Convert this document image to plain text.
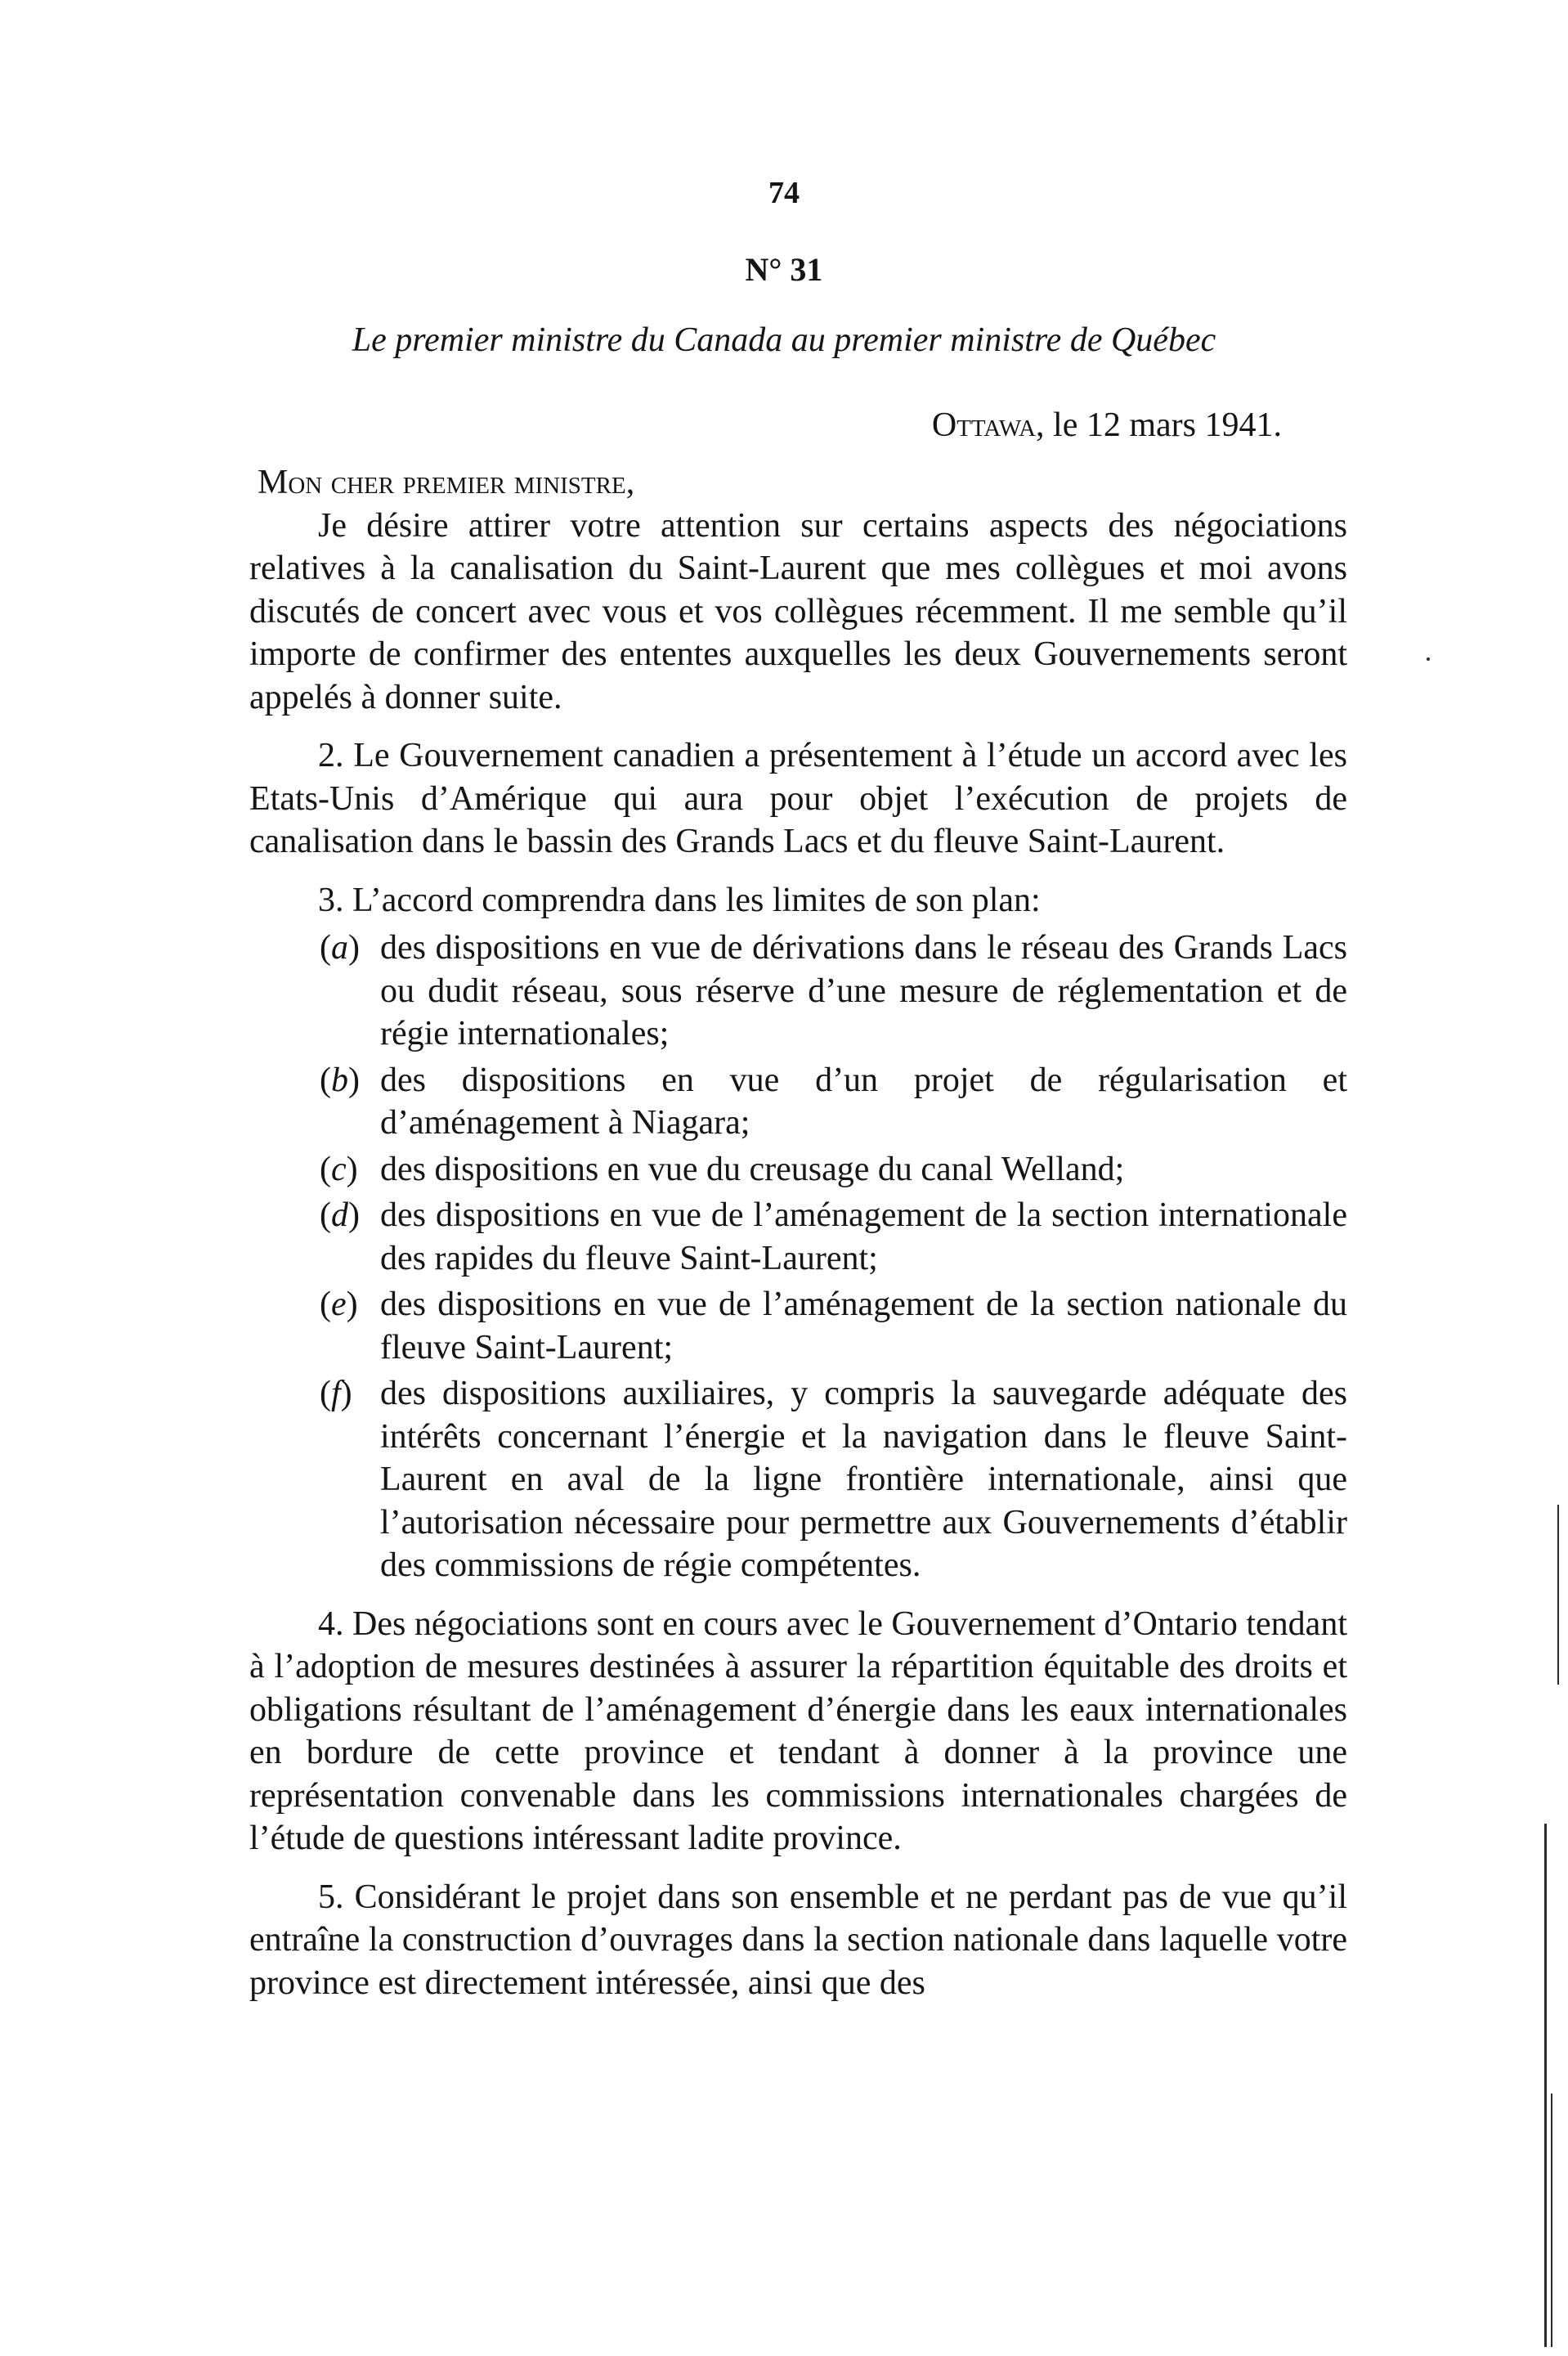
74

N° 31

Le premier ministre du Canada au premier ministre de Québec

Ottawa, le 12 mars 1941.

Mon cher premier ministre,

Je désire attirer votre attention sur certains aspects des négociations relatives à la canalisation du Saint-Laurent que mes collègues et moi avons discutés de concert avec vous et vos collègues récemment. Il me semble qu’il importe de confirmer des ententes auxquelles les deux Gouvernements seront appelés à donner suite.

2. Le Gouvernement canadien a présentement à l’étude un accord avec les Etats-Unis d’Amérique qui aura pour objet l’exécution de projets de canalisation dans le bassin des Grands Lacs et du fleuve Saint-Laurent.

3. L’accord comprendra dans les limites de son plan:

(a) des dispositions en vue de dérivations dans le réseau des Grands Lacs ou dudit réseau, sous réserve d’une mesure de réglementation et de régie internationales;
(b) des dispositions en vue d’un projet de régularisation et d’aménagement à Niagara;
(c) des dispositions en vue du creusage du canal Welland;
(d) des dispositions en vue de l’aménagement de la section internationale des rapides du fleuve Saint-Laurent;
(e) des dispositions en vue de l’aménagement de la section nationale du fleuve Saint-Laurent;
(f) des dispositions auxiliaires, y compris la sauvegarde adéquate des intérêts concernant l’énergie et la navigation dans le fleuve Saint-Laurent en aval de la ligne frontière internationale, ainsi que l’autorisation nécessaire pour permettre aux Gouvernements d’établir des commissions de régie compétentes.

4. Des négociations sont en cours avec le Gouvernement d’Ontario tendant à l’adoption de mesures destinées à assurer la répartition équitable des droits et obligations résultant de l’aménagement d’énergie dans les eaux internationales en bordure de cette province et tendant à donner à la province une représentation convenable dans les commissions internationales chargées de l’étude de questions intéressant ladite province.

5. Considérant le projet dans son ensemble et ne perdant pas de vue qu’il entraîne la construction d’ouvrages dans la section nationale dans laquelle votre province est directement intéressée, ainsi que des
